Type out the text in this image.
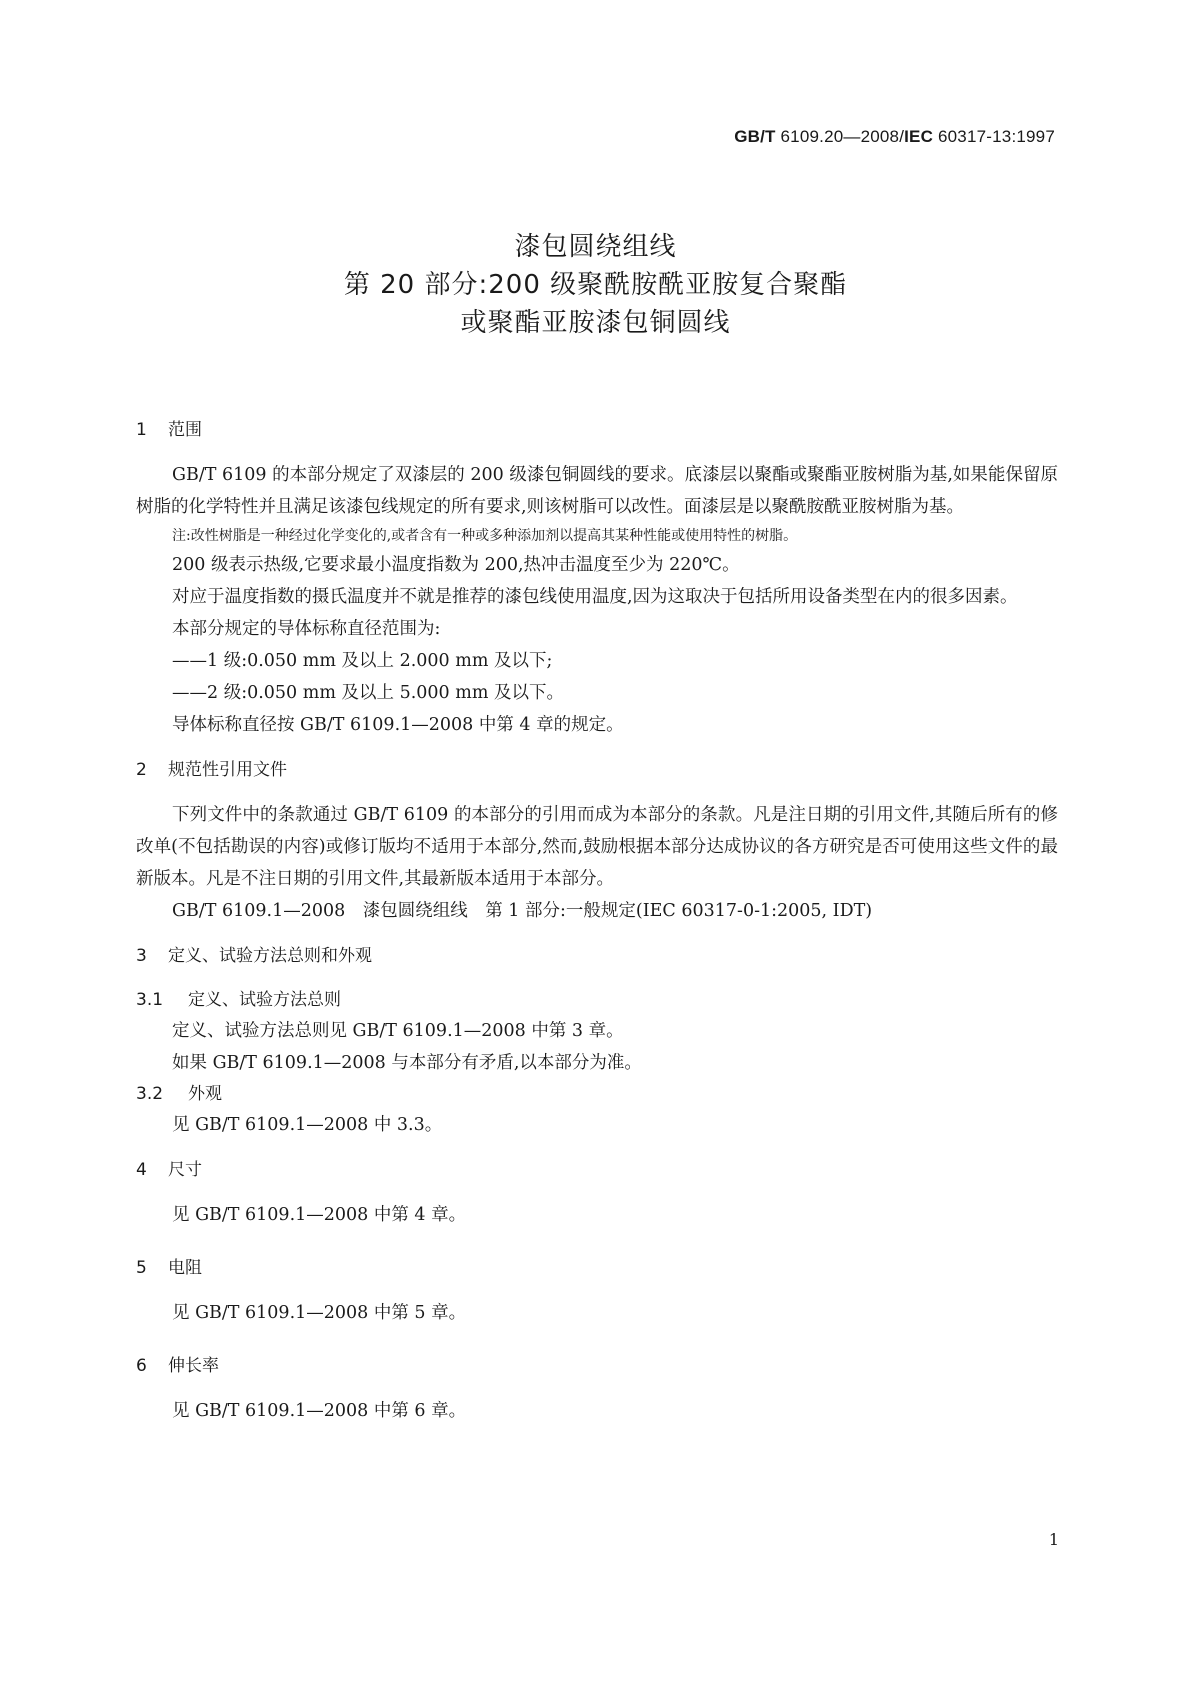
GB/T 6109.20—2008/IEC 60317-13:1997
漆包圆绕组线
第 20 部分:200 级聚酰胺酰亚胺复合聚酯
或聚酯亚胺漆包铜圆线
1 范围

GB/T 6109 的本部分规定了双漆层的 200 级漆包铜圆线的要求。底漆层以聚酯或聚酯亚胺树脂为基,如果能保留原树脂的化学特性并且满足该漆包线规定的所有要求,则该树脂可以改性。面漆层是以聚酰胺酰亚胺树脂为基。

注:改性树脂是一种经过化学变化的,或者含有一种或多种添加剂以提高其某种性能或使用特性的树脂。
200 级表示热级,它要求最小温度指数为 200,热冲击温度至少为 220℃。

对应于温度指数的摄氏温度并不就是推荐的漆包线使用温度,因为这取决于包括所用设备类型在内的很多因素。

本部分规定的导体标称直径范围为:
——1 级:0.050 mm 及以上 2.000 mm 及以下;
——2 级:0.050 mm 及以上 5.000 mm 及以下。
导体标称直径按 GB/T 6109.1—2008 中第 4 章的规定。
2 规范性引用文件

下列文件中的条款通过 GB/T 6109 的本部分的引用而成为本部分的条款。凡是注日期的引用文件,其随后所有的修改单(不包括勘误的内容)或修订版均不适用于本部分,然而,鼓励根据本部分达成协议的各方研究是否可使用这些文件的最新版本。凡是不注日期的引用文件,其最新版本适用于本部分。

GB/T 6109.1—2008　漆包圆绕组线　第 1 部分:一般规定(IEC 60317-0-1:2005, IDT)
3 定义、试验方法总则和外观
3.1 定义、试验方法总则
定义、试验方法总则见 GB/T 6109.1—2008 中第 3 章。
如果 GB/T 6109.1—2008 与本部分有矛盾,以本部分为准。
3.2 外观
见 GB/T 6109.1—2008 中 3.3。
4 尺寸
见 GB/T 6109.1—2008 中第 4 章。
5 电阻
见 GB/T 6109.1—2008 中第 5 章。
6 伸长率
见 GB/T 6109.1—2008 中第 6 章。
1
